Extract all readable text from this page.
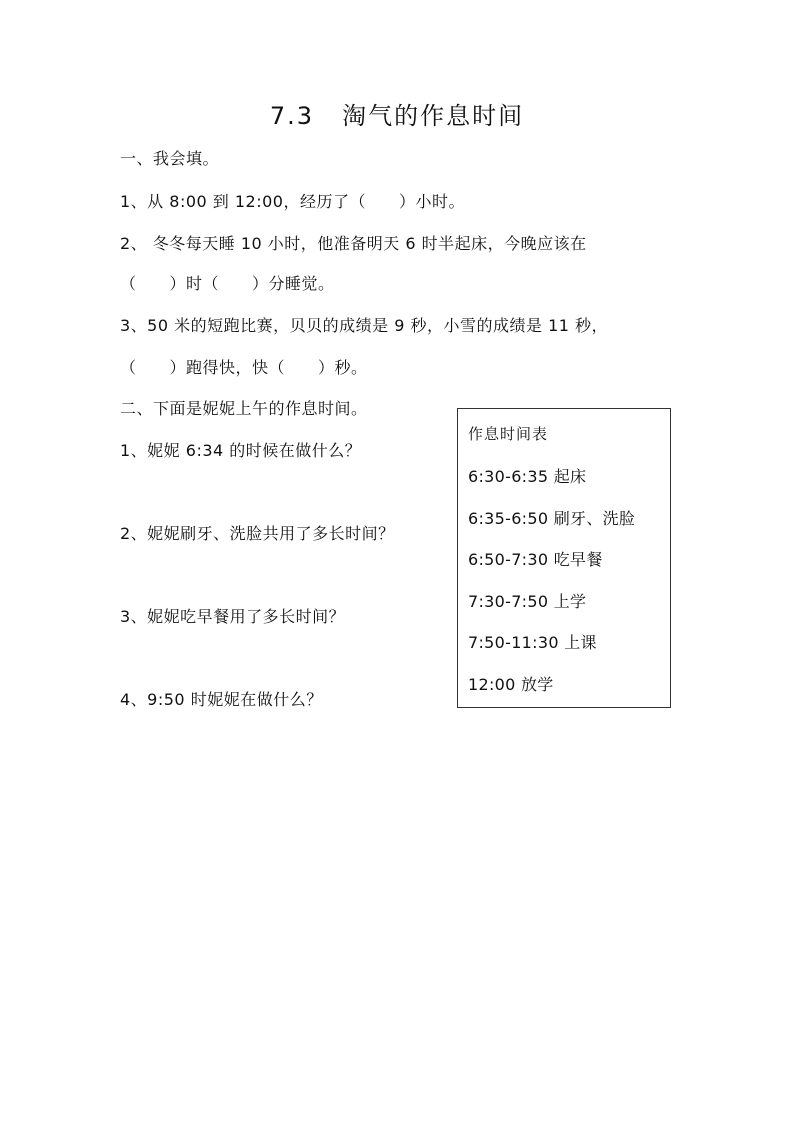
7.3 淘气的作息时间
一、我会填。
1、从 8:00 到 12:00，经历了（　　）小时。
2、 冬冬每天睡 10 小时，他准备明天 6 时半起床，今晚应该在
（　　）时（　　）分睡觉。
3、50 米的短跑比赛，贝贝的成绩是 9 秒，小雪的成绩是 11 秒，
（　　）跑得快，快（　　）秒。
二、下面是妮妮上午的作息时间。
1、妮妮 6:34 的时候在做什么？
2、妮妮刷牙、洗脸共用了多长时间？
3、妮妮吃早餐用了多长时间？
4、9:50 时妮妮在做什么？
作息时间表
6:30-6:35 起床
6:35-6:50 刷牙、洗脸
6:50-7:30 吃早餐
7:30-7:50 上学
7:50-11:30 上课
12:00 放学
